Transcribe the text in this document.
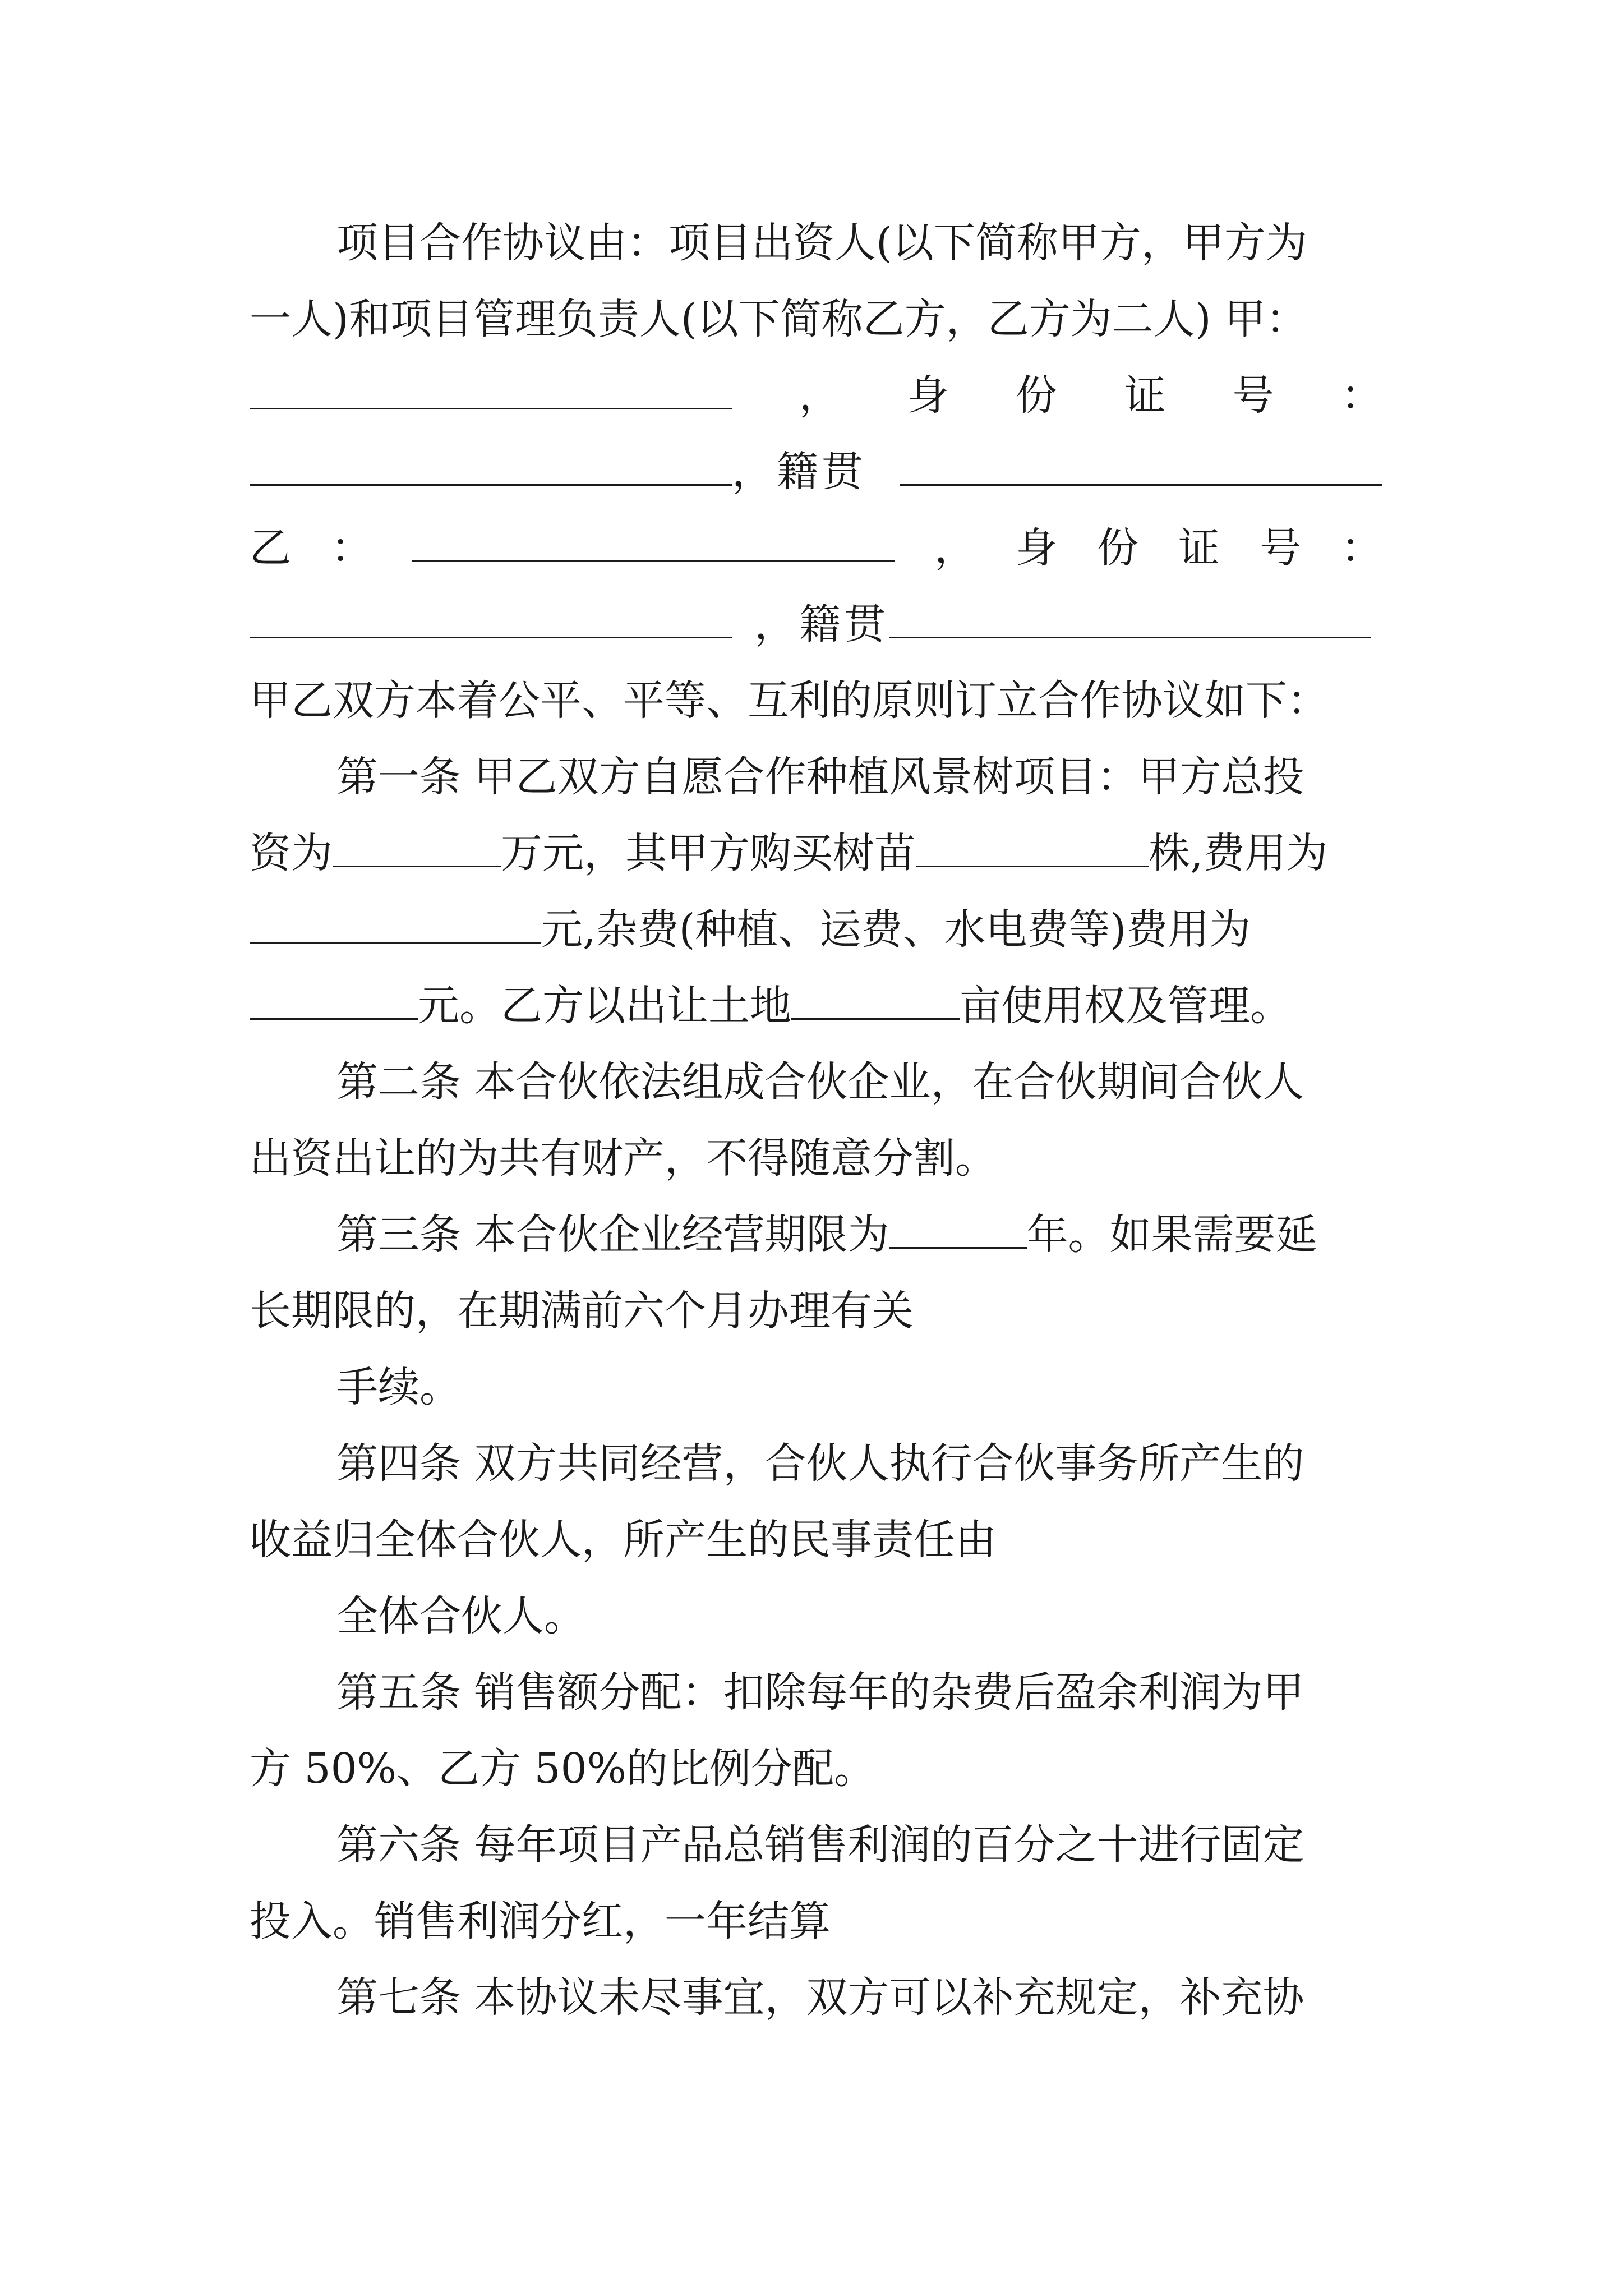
项目合作协议由：项目出资人(以下简称甲方，甲方为
一人)和项目管理负责人(以下简称乙方，乙方为二人) 甲：
， 身 份 证 号 ：
，籍贯
乙 ：	， 身 份 证 号 ：
，籍贯
甲乙双方本着公平、平等、互利的原则订立合作协议如下：
第一条 甲乙双方自愿合作种植风景树项目：甲方总投
资为	万元，其甲方购买树苗	株,费用为
元,杂费(种植、运费、水电费等)费用为
元。乙方以出让土地	亩使用权及管理。
第二条 本合伙依法组成合伙企业，在合伙期间合伙人
出资出让的为共有财产，不得随意分割。
第三条 本合伙企业经营期限为	年。如果需要延
长期限的，在期满前六个月办理有关
手续。
第四条 双方共同经营，合伙人执行合伙事务所产生的
收益归全体合伙人，所产生的民事责任由
全体合伙人。
第五条 销售额分配：扣除每年的杂费后盈余利润为甲
方 50%、乙方 50%的比例分配。
第六条 每年项目产品总销售利润的百分之十进行固定
投入。销售利润分红，一年结算
第七条 本协议未尽事宜，双方可以补充规定，补充协
